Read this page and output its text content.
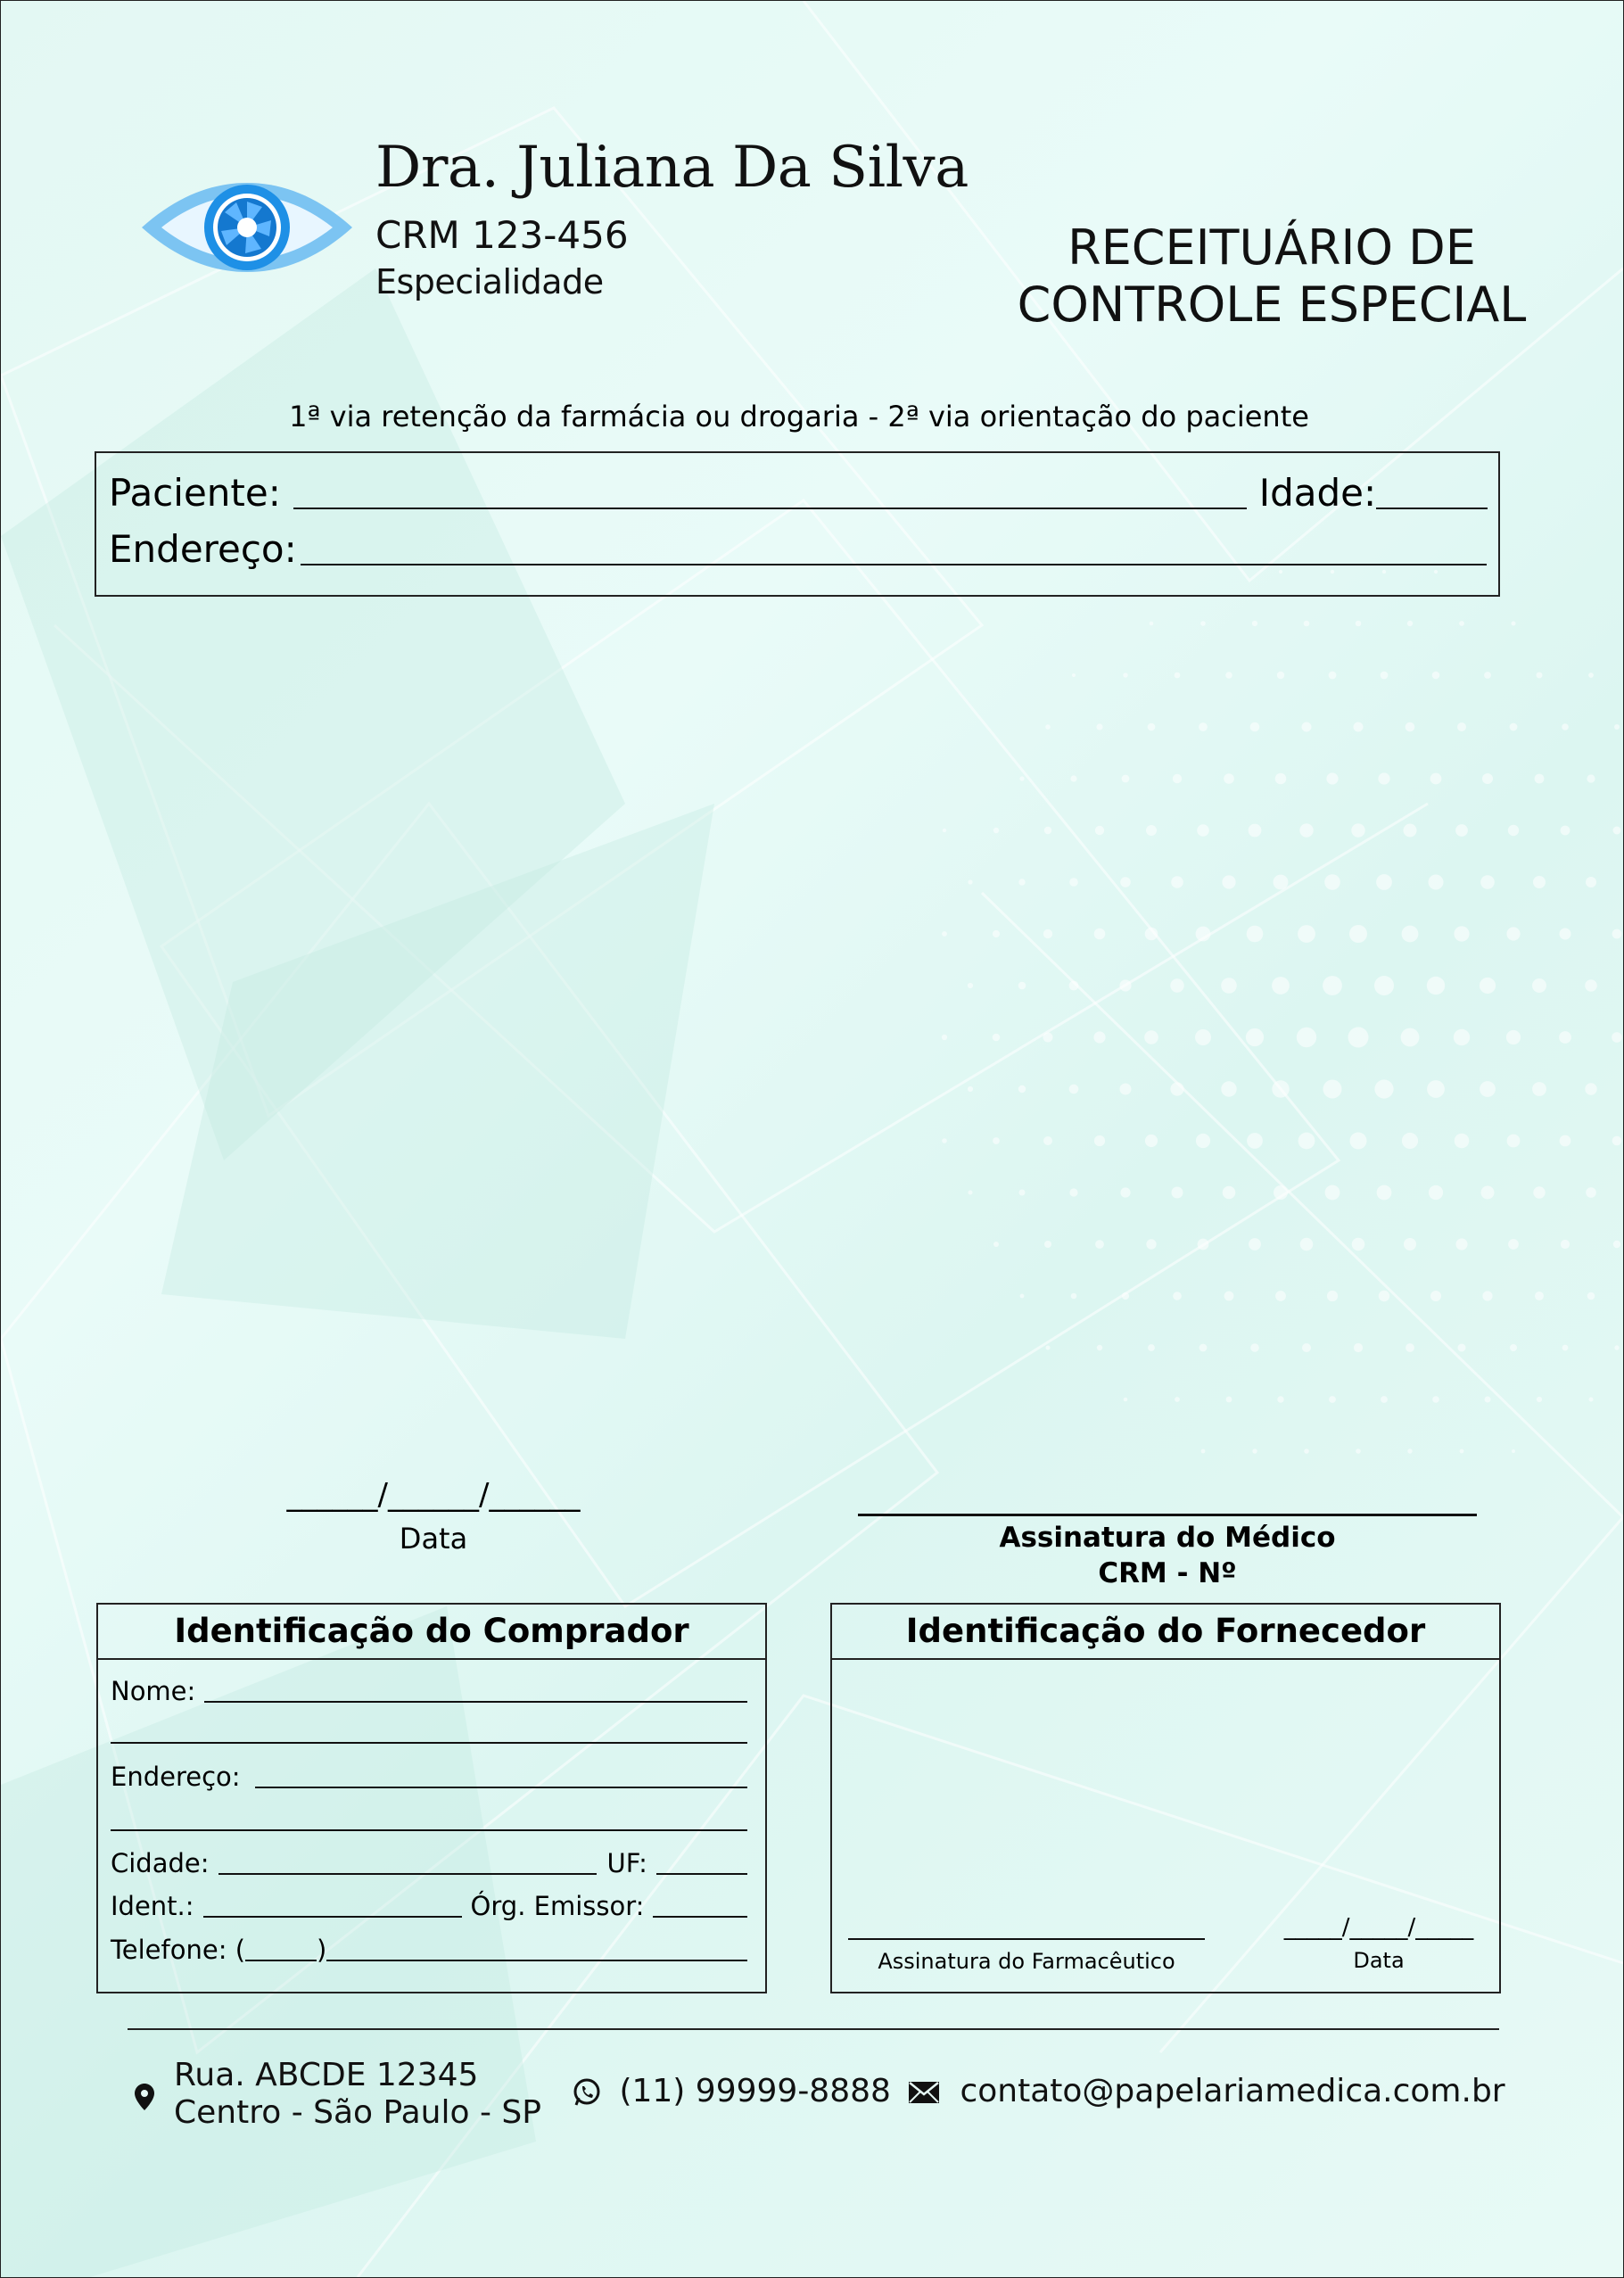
Dra. Juliana Da Silva
CRM 123-456
Especialidade
RECEITUÁRIO DE
CONTROLE ESPECIAL
1ª via retenção da farmácia ou drogaria - 2ª via orientação do paciente
Paciente:	Idade:
Endereço:
______/______/______
Data	Assinatura do Médico
CRM - Nº
Identificação do Comprador
Nome:
Endereço:
Cidade:	UF:
Ident.:	Órg. Emissor:
Telefone: (	)
Identificação do Fornecedor
Assinatura do Farmacêutico
_____/_____/_____
Data
Rua. ABCDE 12345
Centro - São Paulo - SP
(11) 99999-8888	contato@papelariamedica.com.br
